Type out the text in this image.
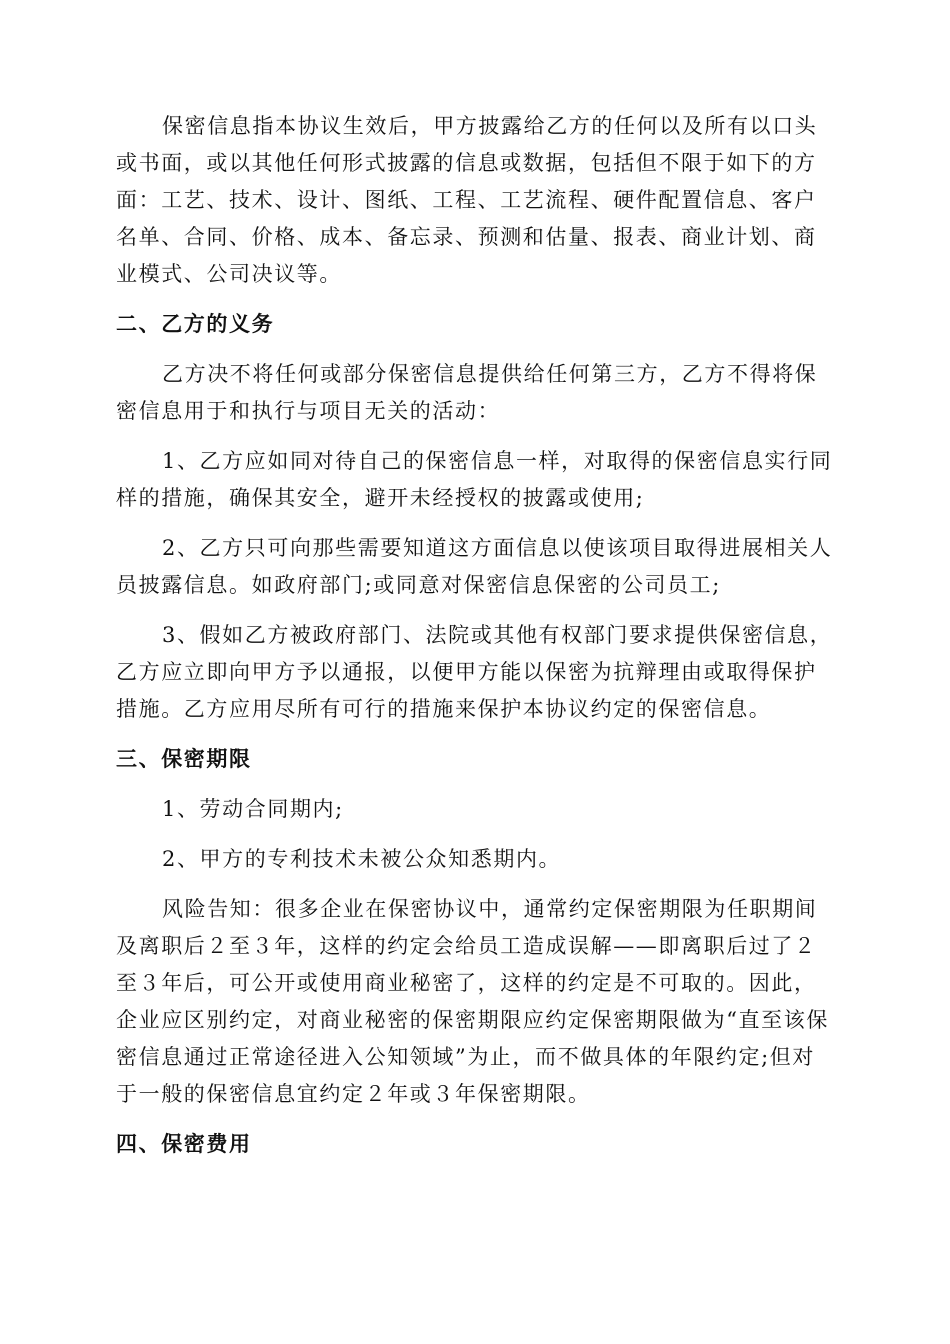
保密信息指本协议生效后，甲方披露给乙方的任何以及所有以口头或书面，或以其他任何形式披露的信息或数据，包括但不限于如下的方面：工艺、技术、设计、图纸、工程、工艺流程、硬件配置信息、客户名单、合同、价格、成本、备忘录、预测和估量、报表、商业计划、商业模式、公司决议等。

二、乙方的义务

乙方决不将任何或部分保密信息提供给任何第三方，乙方不得将保密信息用于和执行与项目无关的活动：

1、乙方应如同对待自己的保密信息一样，对取得的保密信息实行同样的措施，确保其安全，避开未经授权的披露或使用;

2、乙方只可向那些需要知道这方面信息以使该项目取得进展相关人员披露信息。如政府部门;或同意对保密信息保密的公司员工;

3、假如乙方被政府部门、法院或其他有权部门要求提供保密信息，乙方应立即向甲方予以通报，以便甲方能以保密为抗辩理由或取得保护措施。乙方应用尽所有可行的措施来保护本协议约定的保密信息。

三、保密期限

1、劳动合同期内;

2、甲方的专利技术未被公众知悉期内。

风险告知：很多企业在保密协议中，通常约定保密期限为任职期间及离职后２至３年，这样的约定会给员工造成误解——即离职后过了２至３年后，可公开或使用商业秘密了，这样的约定是不可取的。因此，企业应区别约定，对商业秘密的保密期限应约定保密期限做为“直至该保密信息通过正常途径进入公知领域”为止，而不做具体的年限约定;但对于一般的保密信息宜约定２年或３年保密期限。

四、保密费用
